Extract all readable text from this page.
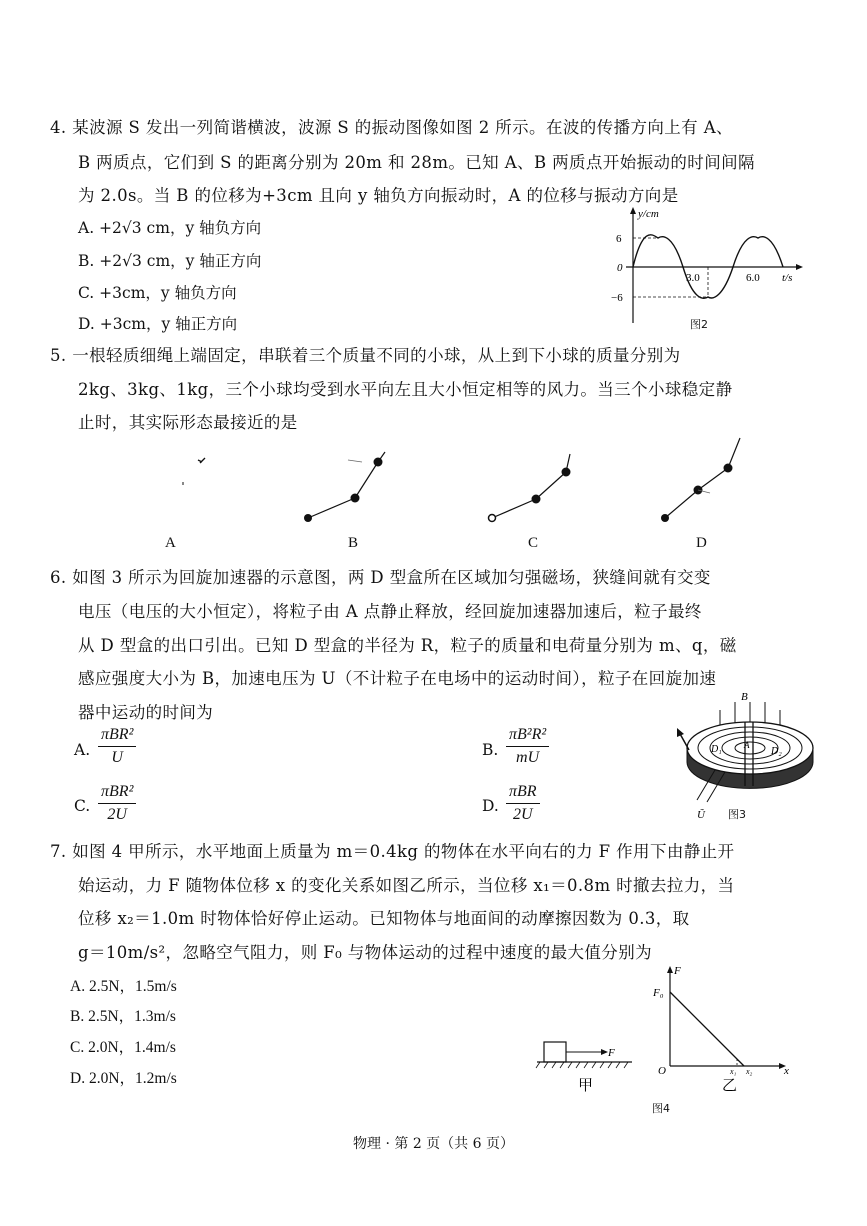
4. 某波源 S 发出一列简谐横波，波源 S 的振动图像如图 2 所示。在波的传播方向上有 A、
B 两质点，它们到 S 的距离分别为 20m 和 28m。已知 A、B 两质点开始振动的时间间隔
为 2.0s。当 B 的位移为+3cm 且向 y 轴负方向振动时，A 的位移与振动方向是
A. +2√3 cm，y 轴负方向
B. +2√3 cm，y 轴正方向
C. +3cm，y 轴负方向
D. +3cm，y 轴正方向
y/cm
6
0
−6
3.0	6.0 t/s
图2
5. 一根轻质细绳上端固定，串联着三个质量不同的小球，从上到下小球的质量分别为
2kg、3kg、1kg，三个小球均受到水平向左且大小恒定相等的风力。当三个小球稳定静
止时，其实际形态最接近的是
A	B	C	D
6. 如图 3 所示为回旋加速器的示意图，两 D 型盒所在区域加匀强磁场，狭缝间就有交变
电压（电压的大小恒定），将粒子由 A 点静止释放，经回旋加速器加速后，粒子最终
从 D 型盒的出口引出。已知 D 型盒的半径为 R，粒子的质量和电荷量分别为 m、q，磁
感应强度大小为 B，加速电压为 U（不计粒子在电场中的运动时间），粒子在回旋加速
器中运动的时间为
A.
πBR²
U	B. $\frac{\text{πB²R²}}{mU}$
C.
πBR²
2U	D.
πBR
2U
B
D₁	D₂
A
Ũ 图3
7. 如图 4 甲所示，水平地面上质量为 m＝0.4kg 的物体在水平向右的力 F 作用下由静止开
始运动，力 F 随物体位移 x 的变化关系如图乙所示，当位移 x₁＝0.8m 时撤去拉力，当
位移 x₂＝1.0m 时物体恰好停止运动。已知物体与地面间的动摩擦因数为 0.3，取
g＝10m/s²，忽略空气阻力，则 F₀ 与物体运动的过程中速度的最大值分别为
A. 2.5N，1.5m/s
B. 2.5N，1.3m/s
C. 2.0N，1.4m/s
D. 2.0N，1.2m/s
F
F
F₀
O	x₁ x₂	x
甲	乙
图4
物理 · 第 2 页（共 6 页）
